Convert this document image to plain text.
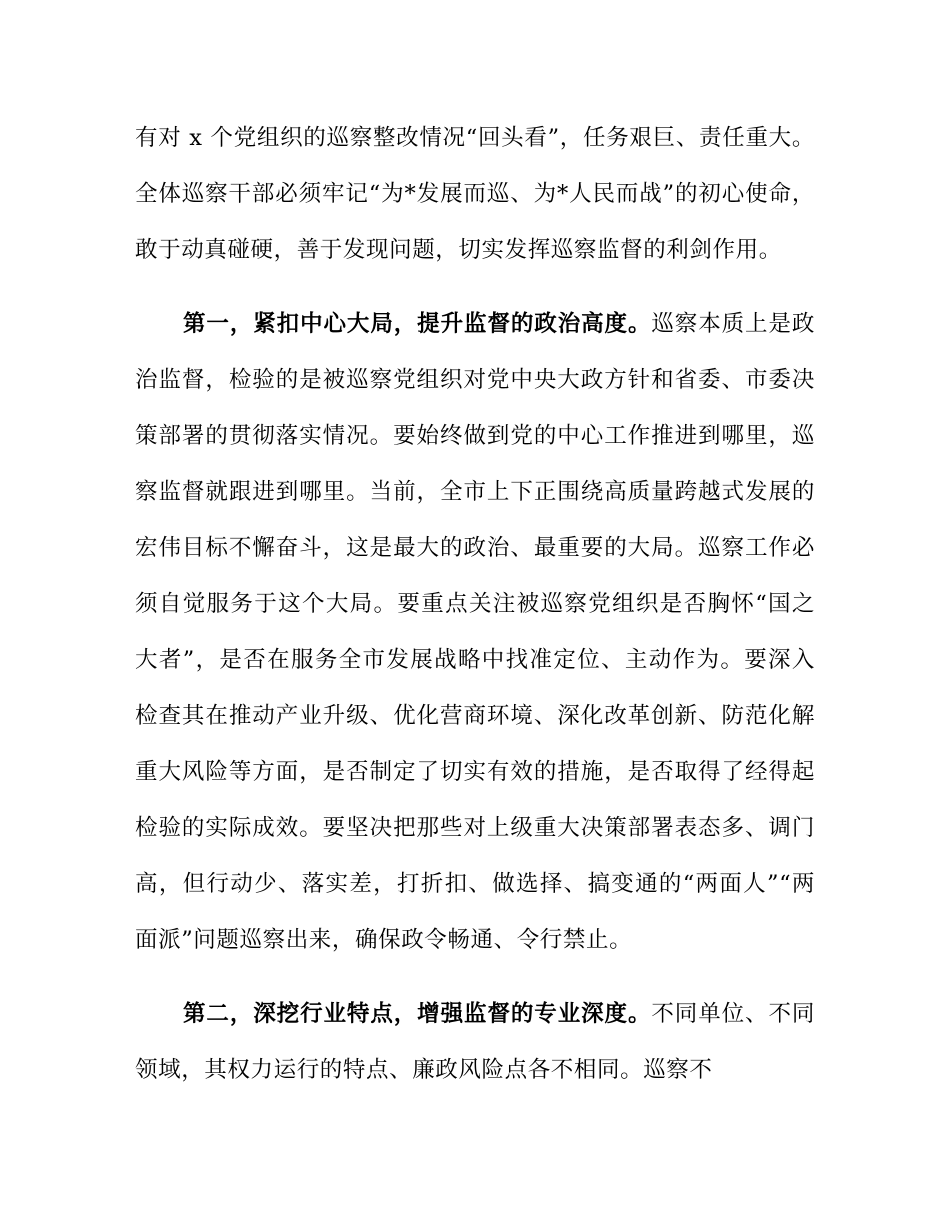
有对 x 个党组织的巡察整改情况“回头看”，任务艰巨、责任重大。全体巡察干部必须牢记“为*发展而巡、为*人民而战”的初心使命，敢于动真碰硬，善于发现问题，切实发挥巡察监督的利剑作用。

第一，紧扣中心大局，提升监督的政治高度。巡察本质上是政治监督，检验的是被巡察党组织对党中央大政方针和省委、市委决策部署的贯彻落实情况。要始终做到党的中心工作推进到哪里，巡察监督就跟进到哪里。当前，全市上下正围绕高质量跨越式发展的宏伟目标不懈奋斗，这是最大的政治、最重要的大局。巡察工作必须自觉服务于这个大局。要重点关注被巡察党组织是否胸怀“国之大者”，是否在服务全市发展战略中找准定位、主动作为。要深入检查其在推动产业升级、优化营商环境、深化改革创新、防范化解重大风险等方面，是否制定了切实有效的措施，是否取得了经得起检验的实际成效。要坚决把那些对上级重大决策部署表态多、调门高，但行动少、落实差，打折扣、做选择、搞变通的“两面人”“两面派”问题巡察出来，确保政令畅通、令行禁止。

第二，深挖行业特点，增强监督的专业深度。不同单位、不同领域，其权力运行的特点、廉政风险点各不相同。巡察不
